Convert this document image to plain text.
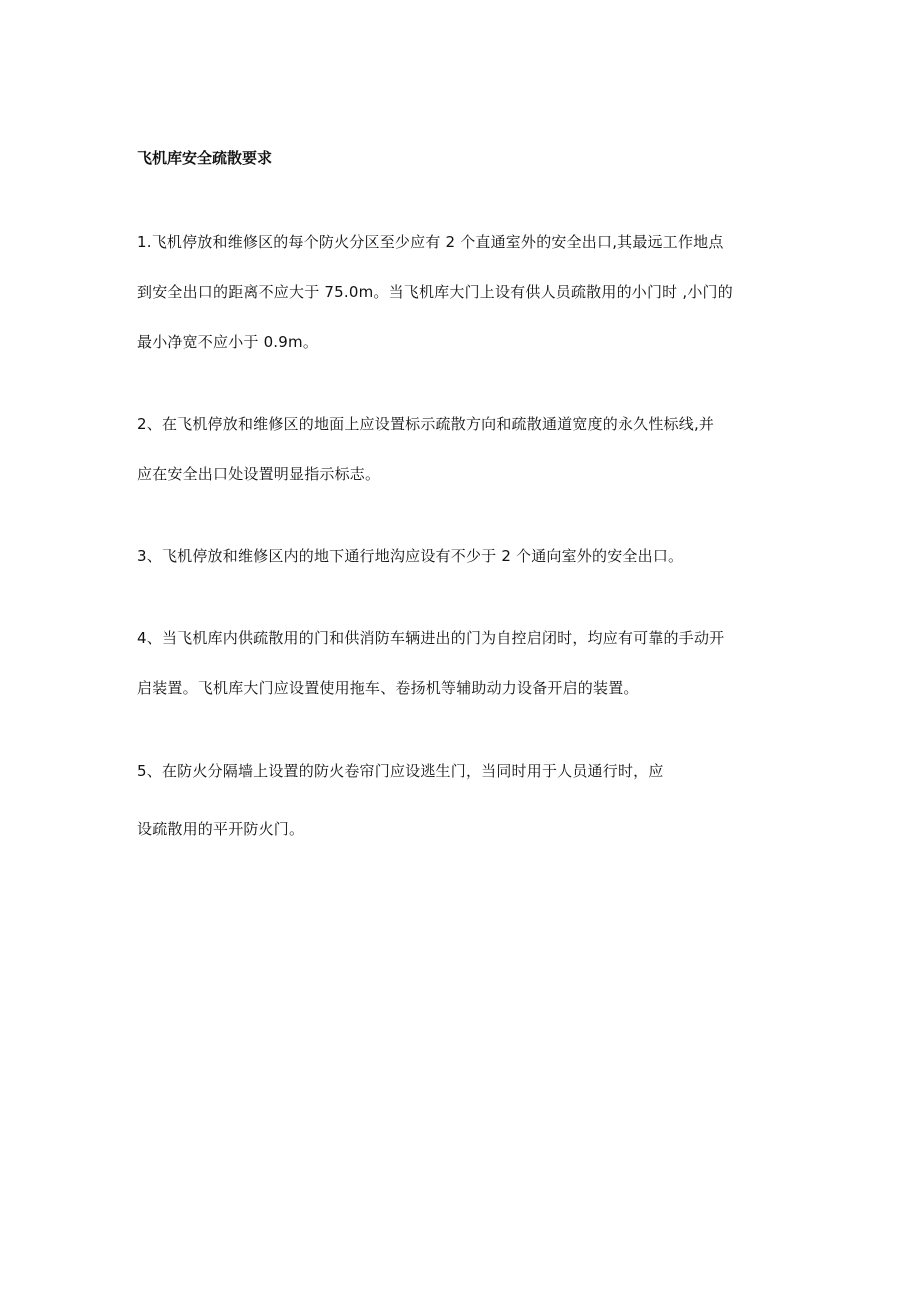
飞机库安全疏散要求
1.飞机停放和维修区的每个防火分区至少应有 2 个直通室外的安全出口,其最远工作地点
到安全出口的距离不应大于 75.0m。当飞机库大门上设有供人员疏散用的小门时 ,小门的
最小净宽不应小于 0.9m。
2、在飞机停放和维修区的地面上应设置标示疏散方向和疏散通道宽度的永久性标线,并
应在安全出口处设置明显指示标志。
3、飞机停放和维修区内的地下通行地沟应设有不少于 2 个通向室外的安全出口。
4、当飞机库内供疏散用的门和供消防车辆进出的门为自控启闭时，均应有可靠的手动开
启装置。飞机库大门应设置使用拖车、卷扬机等辅助动力设备开启的装置。
5、在防火分隔墙上设置的防火卷帘门应设逃生门，当同时用于人员通行时，应
设疏散用的平开防火门。
